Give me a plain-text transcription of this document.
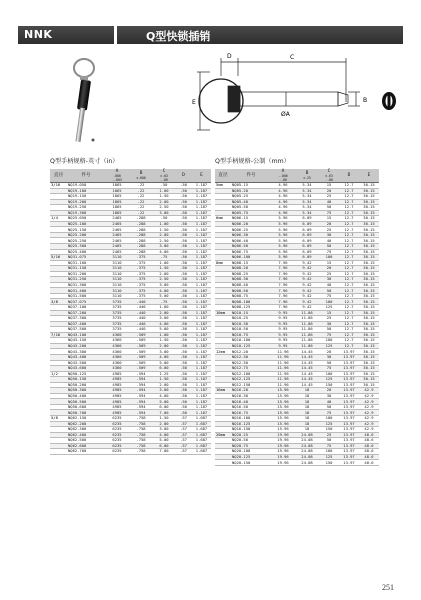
NNK	Q型快锁插销
D	C
E
ØA
B
Q型手柄规格-英寸（in）	Q型手柄规格-公制（mm）
直径	件号	A
.000
-.003	B
±.000	C
±.03
-.00	D	E
3/16	NQ19-050	1865	.22	.50	.50	1.187
	NQ19-100	1865	.22	1.00	.50	1.187
	NQ19-150	1865	.22	1.50	.50	1.187
	NQ19-200	1865	.22	2.00	.50	1.187
	NQ19-250	1865	.22	2.50	.50	1.187
	NQ19-300	1865	.22	3.00	.50	1.187
1/4	NQ25-050	2465	.288	.50	.50	1.187
	NQ25-100	2465	.288	1.00	.50	1.187
	NQ25-150	2465	.288	1.50	.50	1.187
	NQ25-200	2465	.288	2.00	.50	1.187
	NQ25-250	2465	.288	2.50	.50	1.187
	NQ25-300	2465	.288	3.00	.50	1.187
	NQ25-400	2465	.288	4.00	.50	1.187
5/16	NQ31-075	3110	.375	.75	.50	1.187
	NQ31-100	3110	.375	1.00	.50	1.187
	NQ31-150	3110	.375	1.50	.50	1.187
	NQ31-200	3110	.375	2.00	.50	1.187
	NQ31-250	3110	.375	2.50	.50	1.187
	NQ31-300	3110	.375	3.00	.50	1.187
	NQ31-400	3110	.375	4.00	.50	1.187
	NQ31-500	3110	.375	5.00	.50	1.187
3/8	NQ37-075	3735	.440	.75	.50	1.187
	NQ37-100	3735	.440	1.00	.50	1.187
	NQ37-200	3735	.440	2.00	.50	1.187
	NQ37-300	3735	.440	3.00	.50	1.187
	NQ37-400	3735	.440	4.00	.50	1.187
	NQ37-500	3735	.440	5.00	.50	1.187
7/16	NQ43-100	4360	.509	1.00	.50	1.187
	NQ43-150	4360	.509	1.50	.50	1.187
	NQ43-200	4360	.509	2.00	.50	1.187
	NQ43-300	4360	.509	3.00	.50	1.187
	NQ43-400	4360	.509	4.00	.50	1.187
	NQ43-500	4360	.509	5.00	.50	1.187
	NQ43-600	4360	.509	6.00	.50	1.187
1/2	NQ50-125	4985	.594	1.25	.50	1.187
	NQ50-150	4985	.594	1.50	.50	1.187
	NQ50-200	4985	.594	2.00	.50	1.187
	NQ50-300	4985	.594	3.00	.50	1.187
	NQ50-400	4985	.594	4.00	.50	1.187
	NQ50-500	4985	.594	5.00	.50	1.187
	NQ50-600	4985	.594	6.00	.50	1.187
	NQ50-700	4985	.594	7.00	.50	1.187
5/8	NQ62-150	6235	.758	1.50	.57	1.687
	NQ62-200	6235	.758	2.00	.57	1.687
	NQ62-300	6235	.758	3.00	.57	1.687
	NQ62-400	6235	.758	4.00	.57	1.687
	NQ62-500	6235	.758	5.00	.57	1.687
	NQ62-600	6235	.758	6.00	.57	1.687
	NQ62-700	6235	.758	7.00	.57	1.687
直径	件号	A
-.006
-.00	B
±.25	C
±.63
-.00	D	E
5mm	NQ05-15	4.96	5.34	15	12.7	30.15
	NQ05-20	4.96	5.34	20	12.7	30.15
	NQ05-25	4.96	5.34	25	12.7	30.15
	NQ05-40	4.96	5.34	40	12.7	30.15
	NQ05-50	4.96	5.34	50	12.7	30.15
	NQ05-75	4.96	5.34	75	12.7	30.15
6mm	NQ06-15	5.96	6.09	15	12.7	30.15
	NQ06-20	5.96	6.09	20	12.7	30.15
	NQ06-25	5.96	6.09	25	12.7	30.15
	NQ06-30	5.96	6.09	30	12.7	30.15
	NQ06-40	5.96	6.09	40	12.7	30.15
	NQ06-50	5.96	6.09	50	12.7	30.15
	NQ06-75	5.96	6.09	75	12.7	30.15
	NQ06-100	5.96	6.09	100	12.7	30.15
8mm	NQ08-15	7.96	9.42	15	12.7	30.15
	NQ08-20	7.96	9.42	20	12.7	30.15
	NQ08-25	7.96	9.42	25	12.7	30.15
	NQ08-30	7.96	9.42	30	12.7	30.15
	NQ08-40	7.96	9.42	40	12.7	30.15
	NQ08-50	7.96	9.42	50	12.7	30.15
	NQ08-75	7.96	9.42	75	12.7	30.15
	NQ08-100	7.96	9.42	100	12.7	30.15
	NQ08-125	7.96	9.42	125	12.7	30.15
10mm	NQ10-15	9.95	11.86	15	12.7	30.15
	NQ10-25	9.95	11.86	25	12.7	30.15
	NQ10-30	9.95	11.86	30	12.7	30.15
	NQ10-50	9.95	11.86	50	12.7	30.15
	NQ10-75	9.95	11.86	75	12.7	30.15
	NQ10-100	9.95	11.86	100	12.7	30.15
	NQ10-125	9.95	11.86	125	12.7	30.15
12mm	NQ12-20	11.96	14.45	20	13.97	30.15
	NQ12-30	11.96	14.45	30	13.97	30.15
	NQ12-50	11.96	14.45	50	13.97	30.15
	NQ12-75	11.96	14.45	75	13.97	30.15
	NQ12-100	11.96	14.45	100	13.97	30.15
	NQ12-125	11.96	14.45	125	13.97	30.15
	NQ12-150	11.96	14.45	150	13.97	30.15
16mm	NQ16-20	15.96	18	20	13.97	42.9
	NQ16-30	15.96	18	30	13.97	42.9
	NQ16-40	15.96	18	40	13.97	42.9
	NQ16-50	15.96	18	50	13.97	42.9
	NQ16-75	15.96	18	75	13.97	42.9
	NQ16-100	15.96	18	100	13.97	42.9
	NQ16-125	15.96	18	125	13.97	42.9
	NQ16-150	15.96	18	150	13.97	42.9
20mm	NQ20-25	19.96	24.08	25	13.97	48.6
	NQ20-50	19.96	24.08	50	13.97	48.6
	NQ20-75	19.96	24.08	75	13.97	48.6
	NQ20-100	19.96	24.08	100	13.97	48.6
	NQ20-125	19.96	24.08	125	13.97	48.6
	NQ20-150	19.96	24.08	150	13.97	48.6
251
